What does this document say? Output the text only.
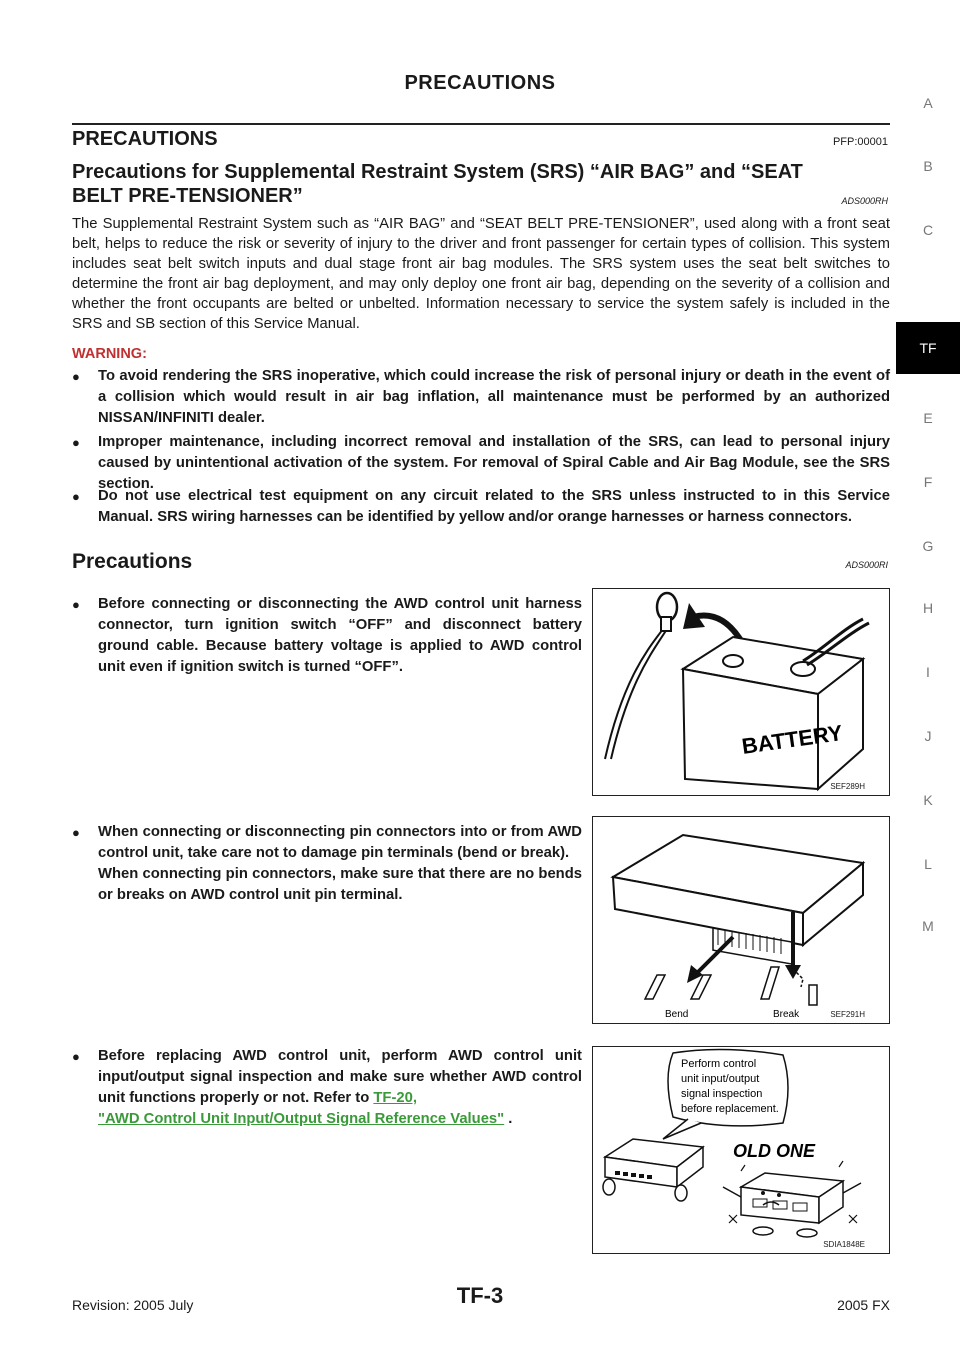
PRECAUTIONS
PRECAUTIONS	PFP:00001
Precautions for Supplemental Restraint System (SRS) “AIR BAG” and “SEAT
BELT PRE-TENSIONER”	ADS000RH
The Supplemental Restraint System such as “AIR BAG” and “SEAT BELT PRE-TENSIONER”, used along with a front seat belt, helps to reduce the risk or severity of injury to the driver and front passenger for certain types of collision. This system includes seat belt switch inputs and dual stage front air bag modules. The SRS system uses the seat belt switches to determine the front air bag deployment, and may only deploy one front air bag, depending on the severity of a collision and whether the front occupants are belted or unbelted. Information necessary to service the system safely is included in the SRS and SB section of this Service Manual.
WARNING:
●	To avoid rendering the SRS inoperative, which could increase the risk of personal injury or death in the event of a collision which would result in air bag inflation, all maintenance must be performed by an authorized NISSAN/INFINITI dealer.
●	Improper maintenance, including incorrect removal and installation of the SRS, can lead to personal injury caused by unintentional activation of the system. For removal of Spiral Cable and Air Bag Module, see the SRS section.
●	Do not use electrical test equipment on any circuit related to the SRS unless instructed to in this Service Manual. SRS wiring harnesses can be identified by yellow and/or orange harnesses or harness connectors.
Precautions	ADS000RI
●	Before connecting or disconnecting the AWD control unit harness connector, turn ignition switch “OFF” and disconnect battery ground cable. Because battery voltage is applied to AWD control unit even if ignition switch is turned “OFF”.
●	When connecting or disconnecting pin connectors into or from AWD control unit, take care not to damage pin terminals (bend or break).

When connecting pin connectors, make sure that there are no bends or breaks on AWD control unit pin terminal.

●	Before replacing AWD control unit, perform AWD control unit input/output signal inspection and make sure whether AWD control unit functions properly or not. Refer to TF-20,
"AWD Control Unit Input/Output Signal Reference Values" .
BATTERY
SEF289H
Bend	Break	SEF291H
Perform control
unit input/output
signal inspection
before replacement.
OLD ONE
SDIA1848E
A
B
C
TF
E
F
G
H
I
J
K
L
M
Revision: 2005 July	TF-3	2005 FX
